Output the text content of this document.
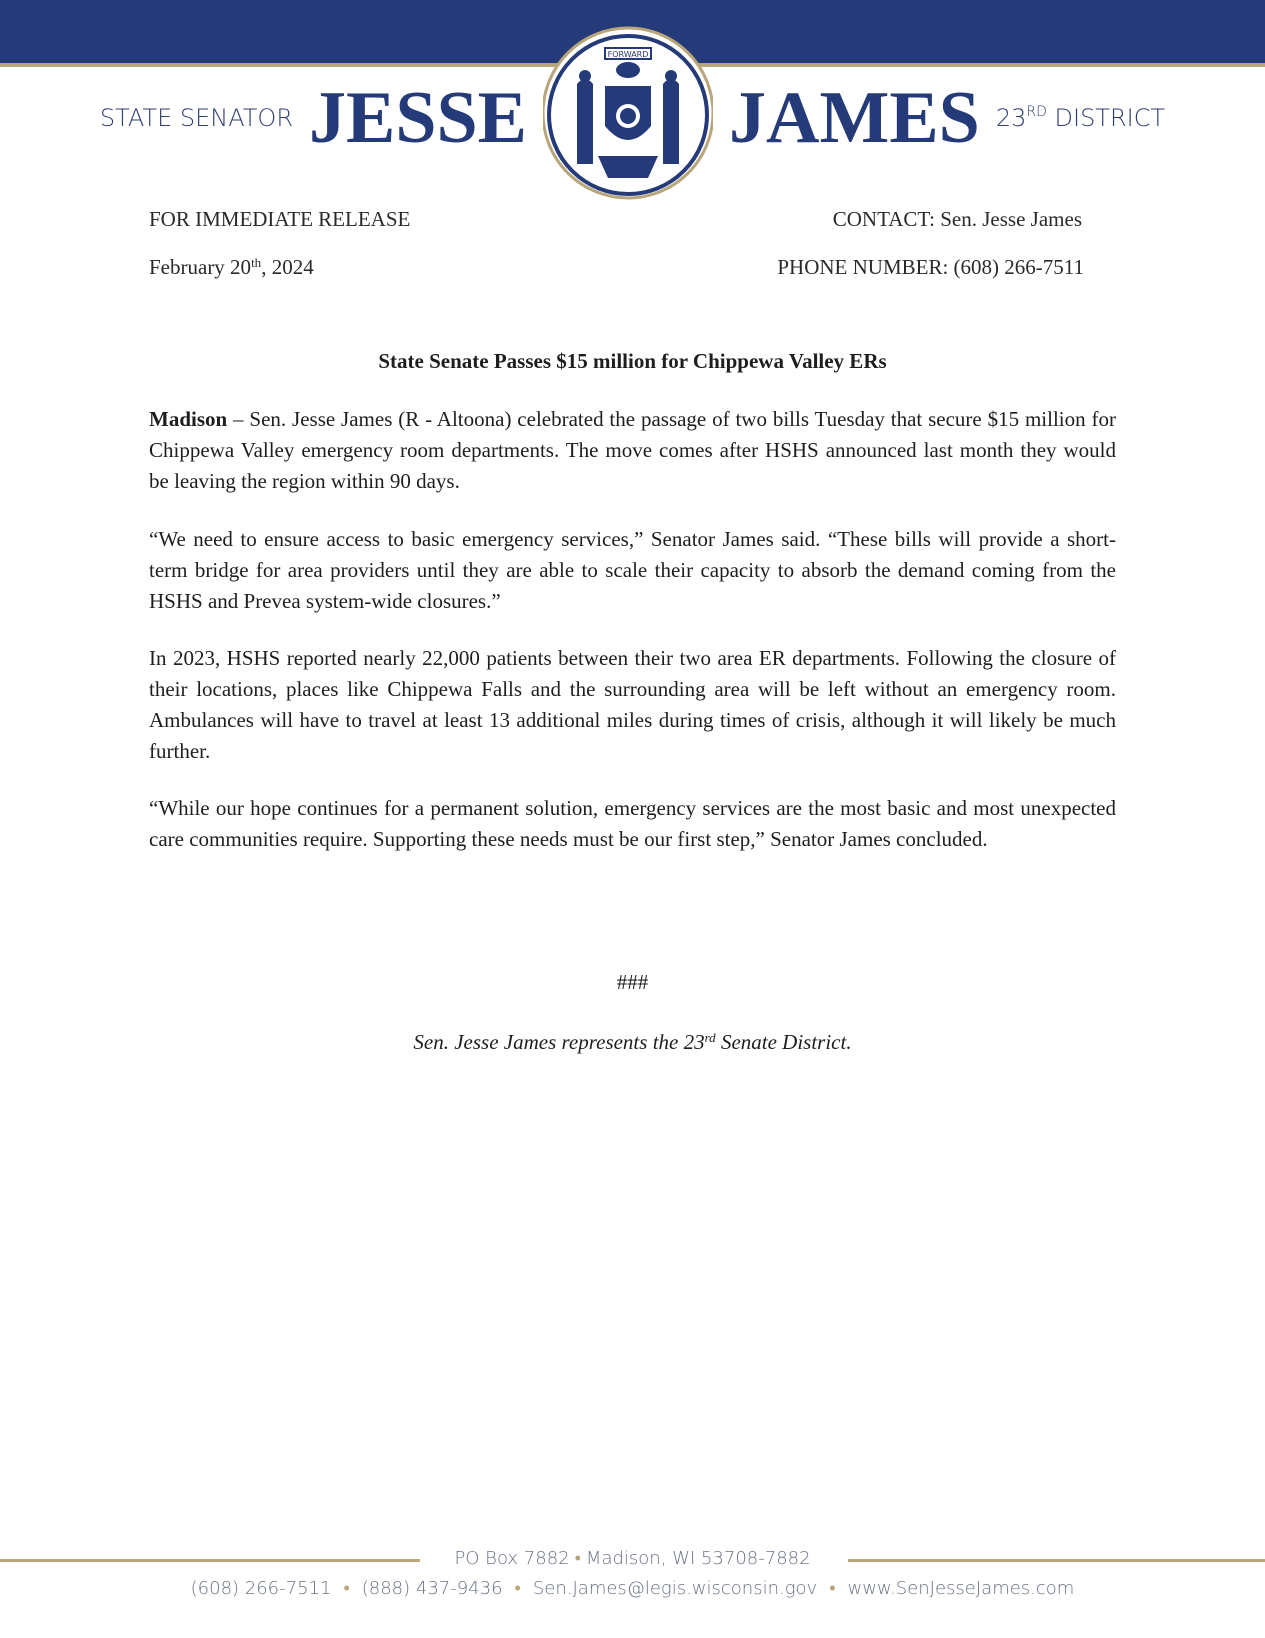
STATE SENATOR JESSE
FORWARD
JAMES 23RD DISTRICT
FOR IMMEDIATE RELEASE	CONTACT: Sen. Jesse James
February 20th, 2024	PHONE NUMBER: (608) 266-7511
State Senate Passes $15 million for Chippewa Valley ERs

Madison – Sen. Jesse James (R - Altoona) celebrated the passage of two bills Tuesday that secure $15 million for Chippewa Valley emergency room departments. The move comes after HSHS announced last month they would be leaving the region within 90 days.

“We need to ensure access to basic emergency services,” Senator James said. “These bills will provide a short-term bridge for area providers until they are able to scale their capacity to absorb the demand coming from the HSHS and Prevea system-wide closures.”

In 2023, HSHS reported nearly 22,000 patients between their two area ER departments. Following the closure of their locations, places like Chippewa Falls and the surrounding area will be left without an emergency room. Ambulances will have to travel at least 13 additional miles during times of crisis, although it will likely be much further.

“While our hope continues for a permanent solution, emergency services are the most basic and most unexpected care communities require. Supporting these needs must be our first step,” Senator James concluded.

###
Sen. Jesse James represents the 23rd Senate District.
PO Box 7882 • Madison, WI 53708-7882
(608) 266-7511 • (888) 437-9436 • Sen.James@legis.wisconsin.gov • www.SenJesseJames.com
